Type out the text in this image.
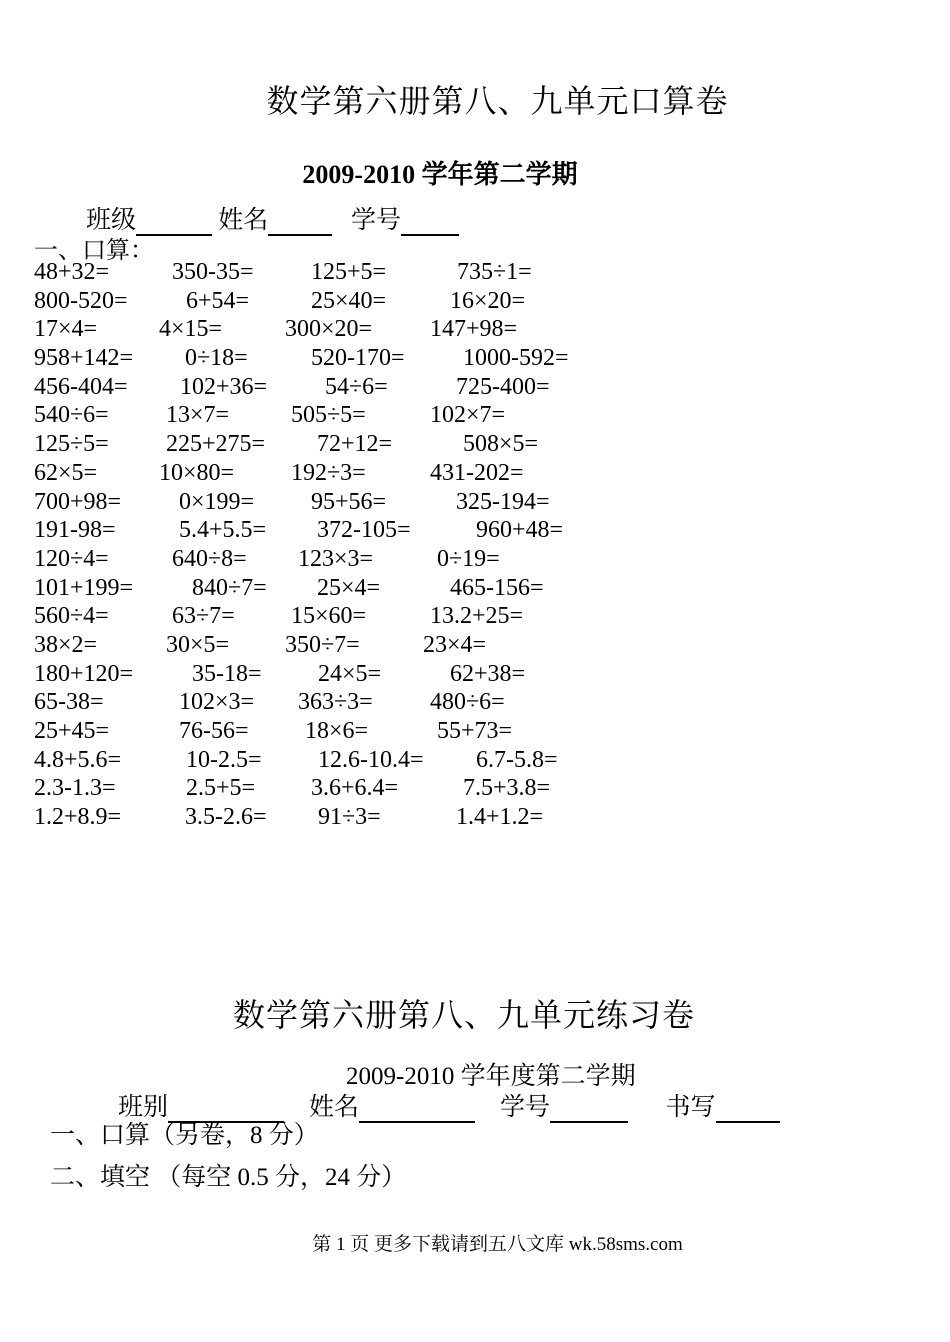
数学第六册第八、九单元口算卷
2009-2010 学年第二学期
班级	姓名	学号
一、口算：
48+32=	350-35= 125+5=	735÷1=
800-520= 6+54=	25×40=	16×20=
17×4=	4×15=	300×20= 147+98=
958+142= 0÷18=	520-170= 1000-592=
456-404= 102+36= 54÷6=	725-400=
540÷6= 13×7=	505÷5=	102×7=
125÷5= 225+275= 72+12=	508×5=
62×5=	10×80= 192÷3=	431-202=
700+98= 0×199= 95+56=	325-194=
191-98=	5.4+5.5= 372-105=	960+48=
120÷4=	640÷8= 123×3=	0÷19=
101+199= 840÷7= 25×4=	465-156=
560÷4=	63÷7= 15×60=	13.2+25=
38×2=	30×5= 350÷7=	23×4=
180+120= 35-18= 24×5=	62+38=
65-38=	102×3= 363÷3= 480÷6=
25+45=	76-56= 18×6=	55+73=
4.8+5.6=	10-2.5= 12.6-10.4= 6.7-5.8=
2.3-1.3=	2.5+5= 3.6+6.4=	7.5+3.8=
1.2+8.9=	3.5-2.6= 91÷3=	1.4+1.2=
数学第六册第八、九单元练习卷
2009-2010 学年度第二学期
班别	姓名	学号	书写
一、口算（另卷，8 分）
二、填空 （每空 0.5 分，24 分）
第 1 页 更多下载请到五八文库 wk.58sms.com
